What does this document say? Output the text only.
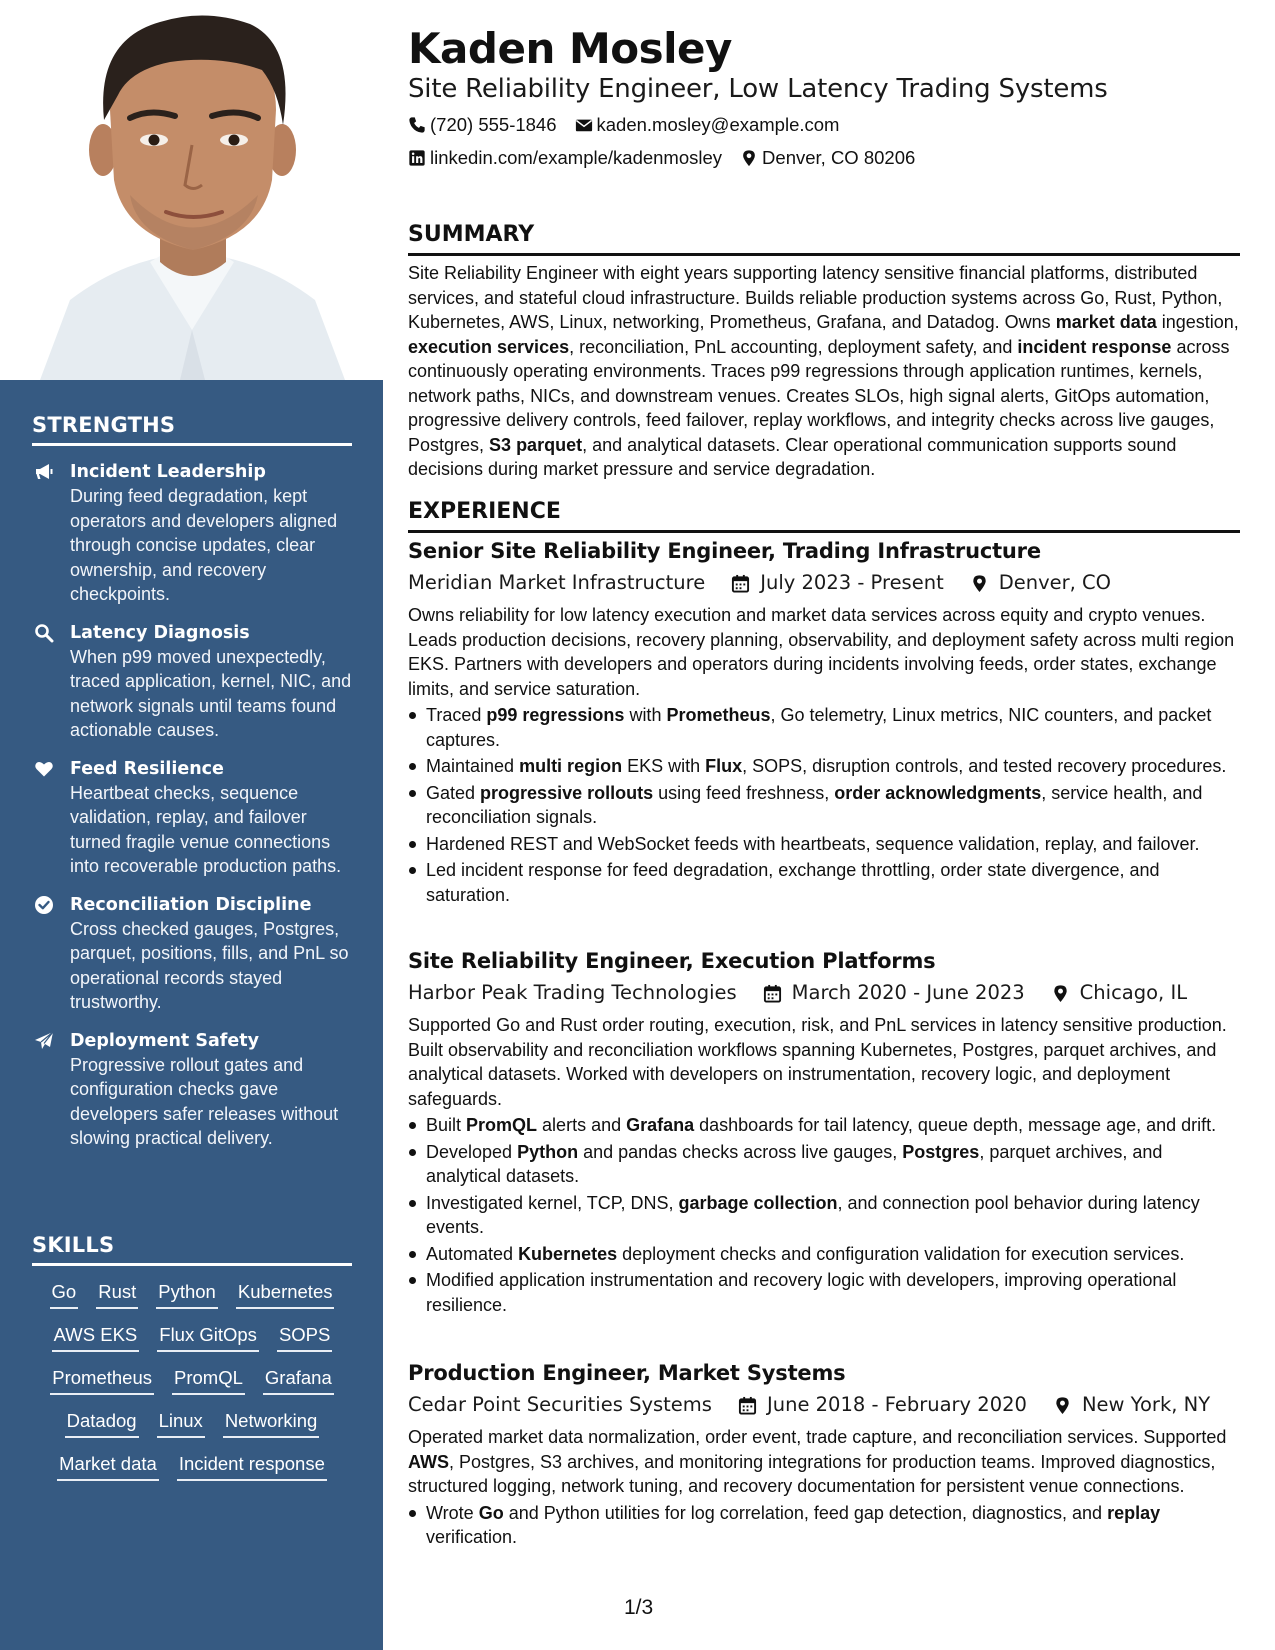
STRENGTHS
Incident Leadership
During feed degradation, kept operators and developers aligned through concise updates, clear ownership, and recovery checkpoints.
Latency Diagnosis
When p99 moved unexpectedly, traced application, kernel, NIC, and network signals until teams found actionable causes.
Feed Resilience
Heartbeat checks, sequence validation, replay, and failover turned fragile venue connections into recoverable production paths.
Reconciliation Discipline
Cross checked gauges, Postgres, parquet, positions, fills, and PnL so operational records stayed trustworthy.
Deployment Safety
Progressive rollout gates and configuration checks gave developers safer releases without slowing practical delivery.
SKILLS
Go Rust Python Kubernetes
AWS EKS Flux GitOps SOPS
Prometheus PromQL Grafana
Datadog Linux Networking
Market data Incident response
Kaden Mosley
Site Reliability Engineer, Low Latency Trading Systems
(720) 555-1846 kaden.mosley@example.com
linkedin.com/example/kadenmosley Denver, CO 80206
SUMMARY
Site Reliability Engineer with eight years supporting latency sensitive financial platforms, distributed services, and stateful cloud infrastructure. Builds reliable production systems across Go, Rust, Python, Kubernetes, AWS, Linux, networking, Prometheus, Grafana, and Datadog. Owns market data ingestion, execution services, reconciliation, PnL accounting, deployment safety, and incident response across continuously operating environments. Traces p99 regressions through application runtimes, kernels, network paths, NICs, and downstream venues. Creates SLOs, high signal alerts, GitOps automation, progressive delivery controls, feed failover, replay workflows, and integrity checks across live gauges, Postgres, S3 parquet, and analytical datasets. Clear operational communication supports sound decisions during market pressure and service degradation.
EXPERIENCE
Senior Site Reliability Engineer, Trading Infrastructure
Meridian Market Infrastructure	July 2023 - Present	Denver, CO
Owns reliability for low latency execution and market data services across equity and crypto venues. Leads production decisions, recovery planning, observability, and deployment safety across multi region EKS. Partners with developers and operators during incidents involving feeds, order states, exchange limits, and service saturation.
Traced p99 regressions with Prometheus, Go telemetry, Linux metrics, NIC counters, and packet captures.
Maintained multi region EKS with Flux, SOPS, disruption controls, and tested recovery procedures.
Gated progressive rollouts using feed freshness, order acknowledgments, service health, and reconciliation signals.
Hardened REST and WebSocket feeds with heartbeats, sequence validation, replay, and failover.
Led incident response for feed degradation, exchange throttling, order state divergence, and saturation.
Site Reliability Engineer, Execution Platforms
Harbor Peak Trading Technologies	March 2020 - June 2023	Chicago, IL
Supported Go and Rust order routing, execution, risk, and PnL services in latency sensitive production. Built observability and reconciliation workflows spanning Kubernetes, Postgres, parquet archives, and analytical datasets. Worked with developers on instrumentation, recovery logic, and deployment safeguards.
Built PromQL alerts and Grafana dashboards for tail latency, queue depth, message age, and drift.
Developed Python and pandas checks across live gauges, Postgres, parquet archives, and analytical datasets.
Investigated kernel, TCP, DNS, garbage collection, and connection pool behavior during latency events.
Automated Kubernetes deployment checks and configuration validation for execution services.
Modified application instrumentation and recovery logic with developers, improving operational resilience.
Production Engineer, Market Systems
Cedar Point Securities Systems	June 2018 - February 2020	New York, NY
Operated market data normalization, order event, trade capture, and reconciliation services. Supported AWS, Postgres, S3 archives, and monitoring integrations for production teams. Improved diagnostics, structured logging, network tuning, and recovery documentation for persistent venue connections.
Wrote Go and Python utilities for log correlation, feed gap detection, diagnostics, and replay verification.
1/3
